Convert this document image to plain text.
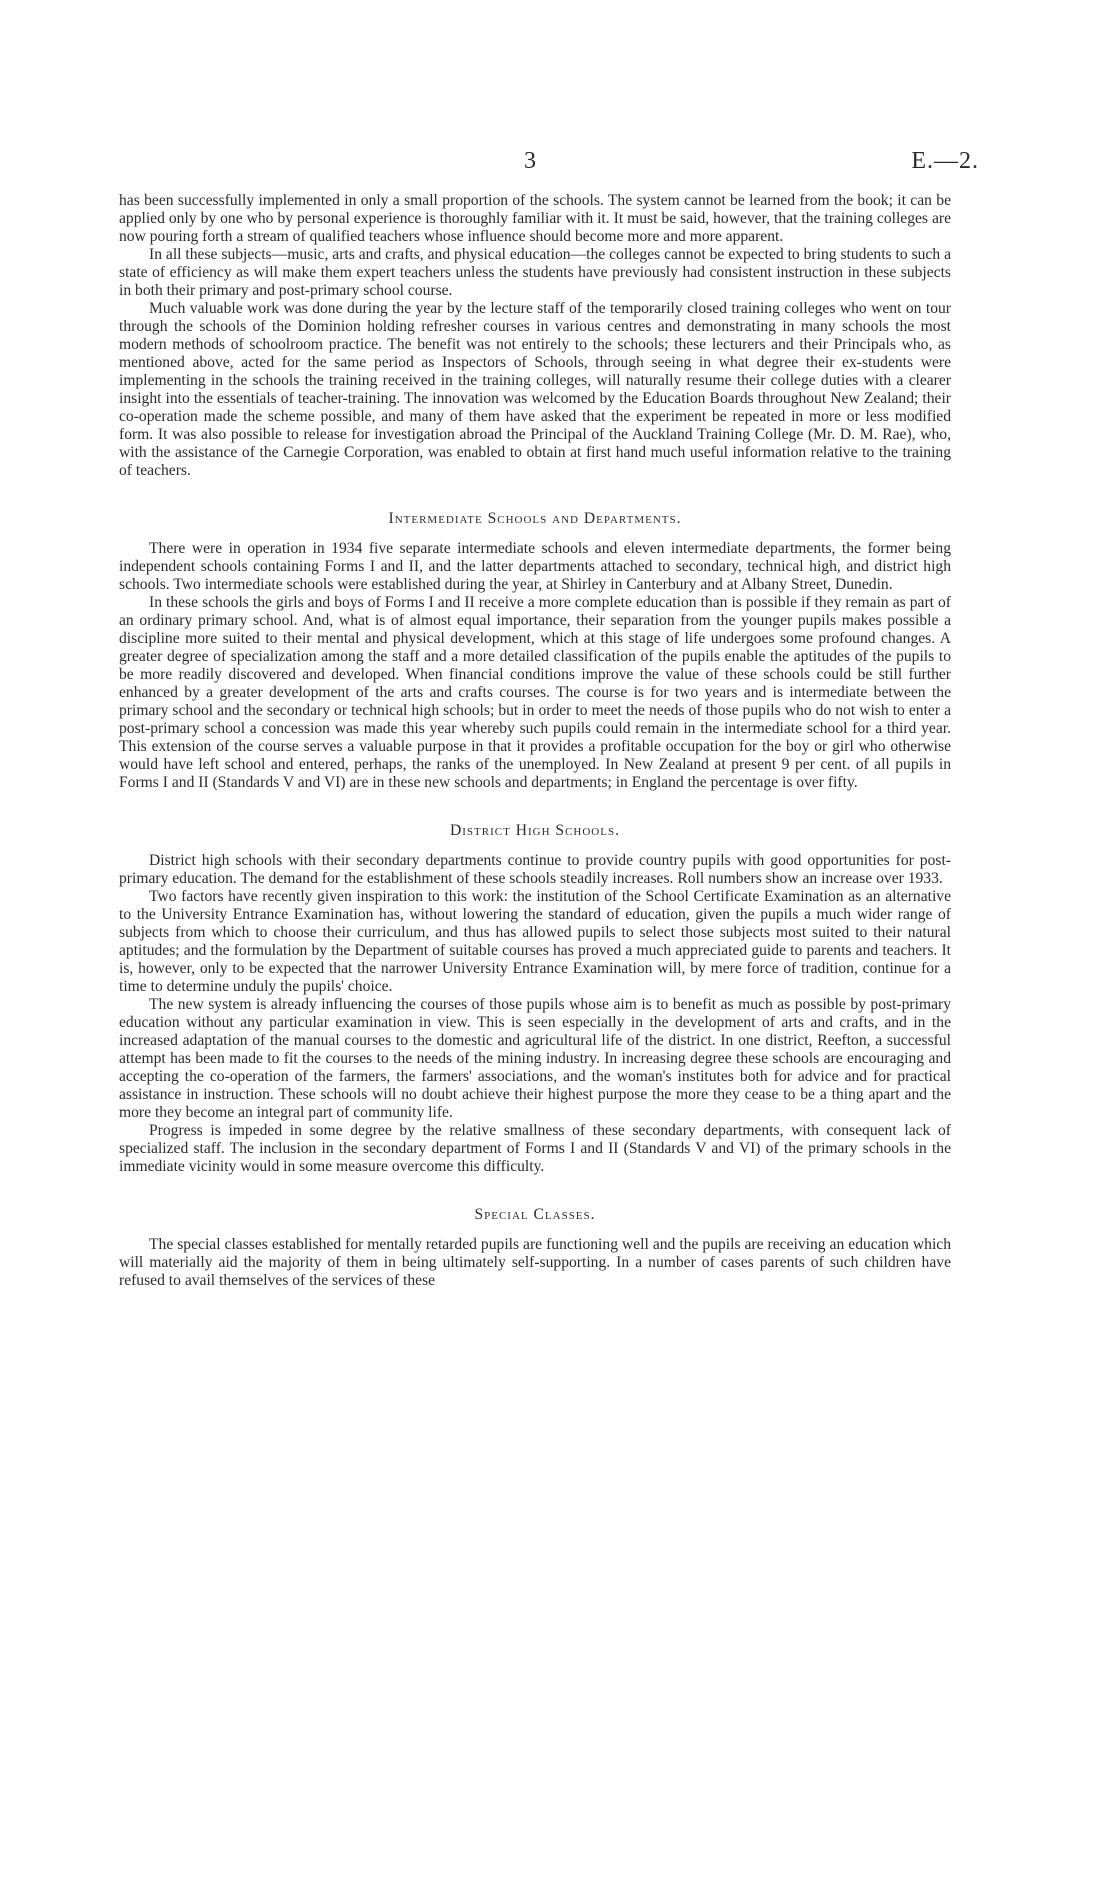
3	E.—2.

has been successfully implemented in only a small proportion of the schools. The system cannot be learned from the book; it can be applied only by one who by personal experience is thoroughly familiar with it. It must be said, however, that the training colleges are now pouring forth a stream of qualified teachers whose influence should become more and more apparent.

In all these subjects—music, arts and crafts, and physical education—the colleges cannot be expected to bring students to such a state of efficiency as will make them expert teachers unless the students have previously had consistent instruction in these subjects in both their primary and post-primary school course.

Much valuable work was done during the year by the lecture staff of the temporarily closed training colleges who went on tour through the schools of the Dominion holding refresher courses in various centres and demonstrating in many schools the most modern methods of schoolroom practice. The benefit was not entirely to the schools; these lecturers and their Principals who, as mentioned above, acted for the same period as Inspectors of Schools, through seeing in what degree their ex-students were implementing in the schools the training received in the training colleges, will naturally resume their college duties with a clearer insight into the essentials of teacher-training. The innovation was welcomed by the Education Boards throughout New Zealand; their co-operation made the scheme possible, and many of them have asked that the experiment be repeated in more or less modified form. It was also possible to release for investigation abroad the Principal of the Auckland Training College (Mr. D. M. Rae), who, with the assistance of the Carnegie Corporation, was enabled to obtain at first hand much useful information relative to the training of teachers.

Intermediate Schools and Departments.

There were in operation in 1934 five separate intermediate schools and eleven intermediate departments, the former being independent schools containing Forms I and II, and the latter departments attached to secondary, technical high, and district high schools. Two intermediate schools were established during the year, at Shirley in Canterbury and at Albany Street, Dunedin.

In these schools the girls and boys of Forms I and II receive a more complete education than is possible if they remain as part of an ordinary primary school. And, what is of almost equal importance, their separation from the younger pupils makes possible a discipline more suited to their mental and physical development, which at this stage of life undergoes some profound changes. A greater degree of specialization among the staff and a more detailed classification of the pupils enable the aptitudes of the pupils to be more readily discovered and developed. When financial conditions improve the value of these schools could be still further enhanced by a greater development of the arts and crafts courses. The course is for two years and is intermediate between the primary school and the secondary or technical high schools; but in order to meet the needs of those pupils who do not wish to enter a post-primary school a concession was made this year whereby such pupils could remain in the intermediate school for a third year. This extension of the course serves a valuable purpose in that it provides a profitable occupation for the boy or girl who otherwise would have left school and entered, perhaps, the ranks of the unemployed. In New Zealand at present 9 per cent. of all pupils in Forms I and II (Standards V and VI) are in these new schools and departments; in England the percentage is over fifty.

District High Schools.

District high schools with their secondary departments continue to provide country pupils with good opportunities for post-primary education. The demand for the establishment of these schools steadily increases. Roll numbers show an increase over 1933.

Two factors have recently given inspiration to this work: the institution of the School Certificate Examination as an alternative to the University Entrance Examination has, without lowering the standard of education, given the pupils a much wider range of subjects from which to choose their curriculum, and thus has allowed pupils to select those subjects most suited to their natural aptitudes; and the formulation by the Department of suitable courses has proved a much appreciated guide to parents and teachers. It is, however, only to be expected that the narrower University Entrance Examination will, by mere force of tradition, continue for a time to determine unduly the pupils' choice.

The new system is already influencing the courses of those pupils whose aim is to benefit as much as possible by post-primary education without any particular examination in view. This is seen especially in the development of arts and crafts, and in the increased adaptation of the manual courses to the domestic and agricultural life of the district. In one district, Reefton, a successful attempt has been made to fit the courses to the needs of the mining industry. In increasing degree these schools are encouraging and accepting the co-operation of the farmers, the farmers' associations, and the woman's institutes both for advice and for practical assistance in instruction. These schools will no doubt achieve their highest purpose the more they cease to be a thing apart and the more they become an integral part of community life.

Progress is impeded in some degree by the relative smallness of these secondary departments, with consequent lack of specialized staff. The inclusion in the secondary department of Forms I and II (Standards V and VI) of the primary schools in the immediate vicinity would in some measure overcome this difficulty.

Special Classes.

The special classes established for mentally retarded pupils are functioning well and the pupils are receiving an education which will materially aid the majority of them in being ultimately self-supporting. In a number of cases parents of such children have refused to avail themselves of the services of these
